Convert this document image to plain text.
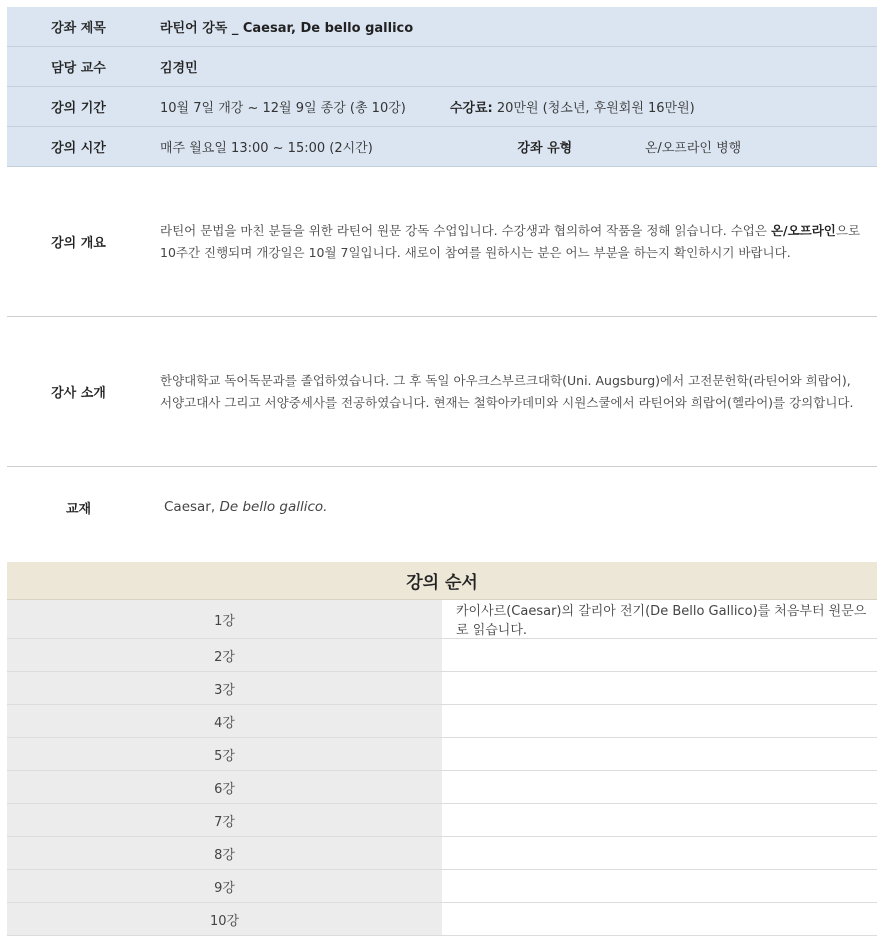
강좌 제목	라틴어 강독 _ Caesar, De bello gallico
담당 교수	김경민
강의 기간	10월 7일 개강 ~ 12월 9일 종강 (총 10강) 수강료: 20만원 (청소년, 후원회원 16만원)
강의 시간	매주 월요일 13:00 ~ 15:00 (2시간) 강좌 유형 온/오프라인 병행
강의 개요	라틴어 문법을 마친 분들을 위한 라틴어 원문 강독 수업입니다. 수강생과 협의하여 작품을 정해 읽습니다. 수업은 온/오프라인으로 10주간 진행되며 개강일은 10월 7일입니다. 새로이 참여를 원하시는 분은 어느 부분을 하는지 확인하시기 바랍니다.
강사 소개	한양대학교 독어독문과를 졸업하였습니다. 그 후 독일 아우크스부르크대학(Uni. Augsburg)에서 고전문헌학(라틴어와 희랍어), 서양고대사 그리고 서양중세사를 전공하였습니다. 현재는 철학아카데미와 시원스쿨에서 라틴어와 희랍어(헬라어)를 강의합니다.
교재	Caesar, De bello gallico.
강의 순서	
1강	카이사르(Caesar)의 갈리아 전기(De Bello Gallico)를 처음부터 원문으로 읽습니다.
2강	
3강	
4강	
5강	
6강	
7강	
8강	
9강	
10강	
